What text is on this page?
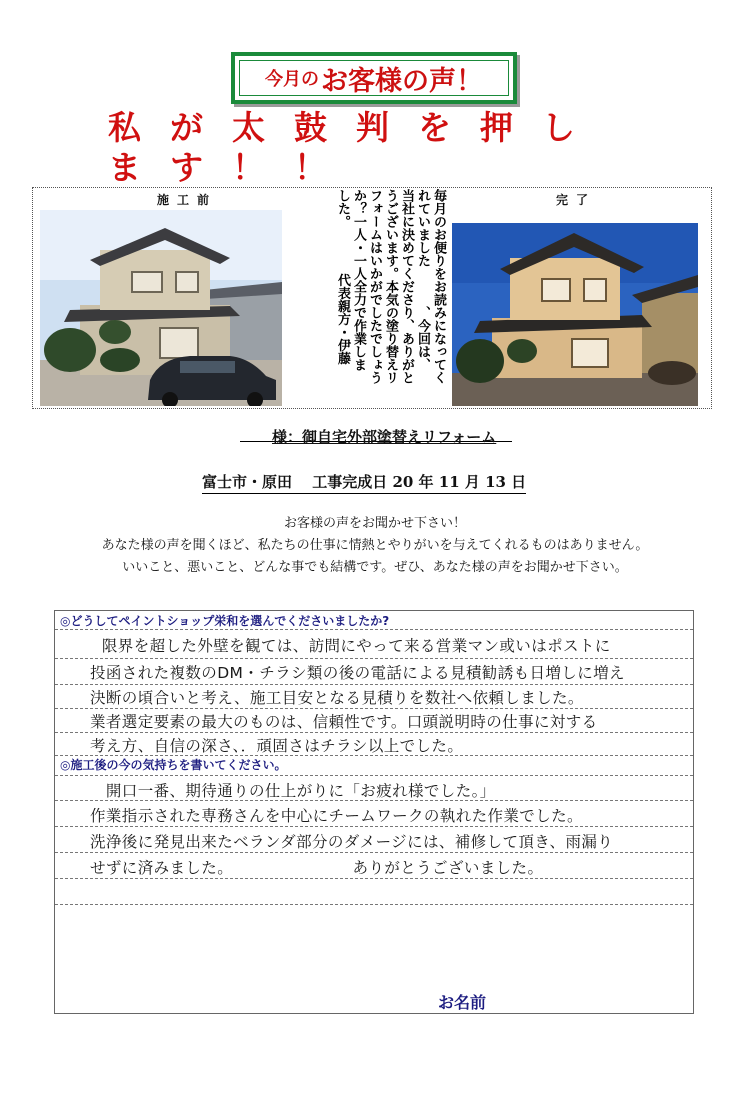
今月の お客様の声！
私が太鼓判を押します！！
施工前	完了
毎月のお便りをお読みになってく
れていました　　　、今回は、
当社に決めてくださり、ありがと
うございます。本気の塗り替えリ
フォームはいかがでしたでしょう
か？一人・一人全力で作業しま
した。　　　　代表親方・伊藤
様：御自宅外部塗替えリフォーム
富士市・原田　 工事完成日 20 年 11 月 13 日
お客様の声をお聞かせ下さい！
あなた様の声を聞くほど、私たちの仕事に情熱とやりがいを与えてくれるものはありません。
いいこと、悪いこと、どんな事でも結構です。ぜひ、あなた様の声をお聞かせ下さい。
◎どうしてペイントショップ栄和を選んでくださいましたか?
　限界を超した外壁を観ては、訪問にやって来る営業マン或いはポストに
投函された複数のDM・チラシ類の後の電話による見積勧誘も日増しに増え
決断の頃合いと考え、施工目安となる見積りを数社へ依頼しました。
業者選定要素の最大のものは、信頼性です。口頭説明時の仕事に対する
考え方、自信の深さ、．頑固さはチラシ以上でした。
◎施工後の今の気持ちを書いてください。
　開口一番、期待通りの仕上がりに「お疲れ様でした。」
作業指示された専務さんを中心にチームワークの執れた作業でした。
洗浄後に発見出来たベランダ部分のダメージには、補修して頂き、雨漏り
せずに済みました。　　　　　　　　ありがとうございました。
お名前
